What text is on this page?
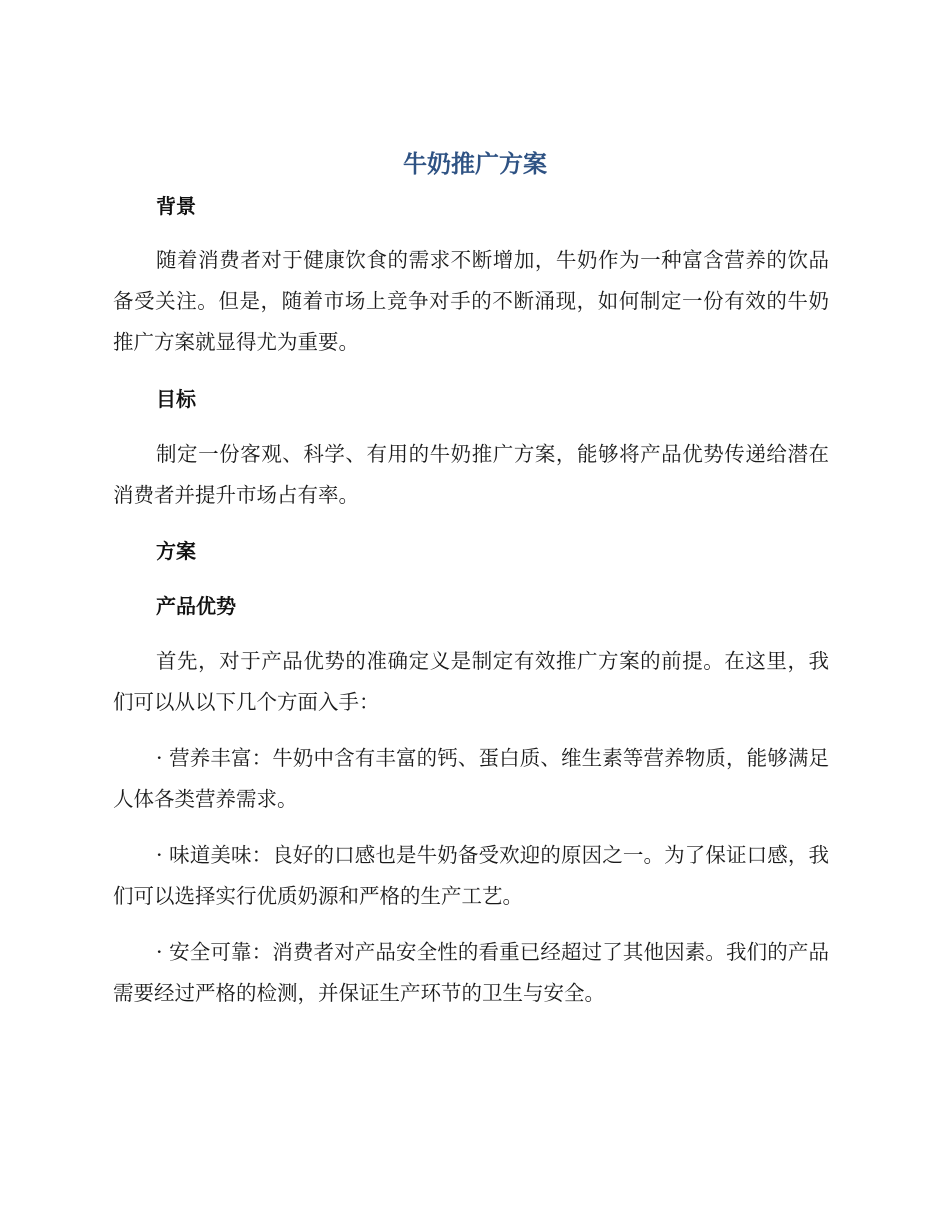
牛奶推广方案
背景

随着消费者对于健康饮食的需求不断增加，牛奶作为一种富含营养的饮品备受关注。但是，随着市场上竞争对手的不断涌现，如何制定一份有效的牛奶推广方案就显得尤为重要。

目标

制定一份客观、科学、有用的牛奶推广方案，能够将产品优势传递给潜在消费者并提升市场占有率。

方案
产品优势

首先，对于产品优势的准确定义是制定有效推广方案的前提。在这里，我们可以从以下几个方面入手：

· 营养丰富：牛奶中含有丰富的钙、蛋白质、维生素等营养物质，能够满足人体各类营养需求。

· 味道美味：良好的口感也是牛奶备受欢迎的原因之一。为了保证口感，我们可以选择实行优质奶源和严格的生产工艺。

· 安全可靠：消费者对产品安全性的看重已经超过了其他因素。我们的产品需要经过严格的检测，并保证生产环节的卫生与安全。
